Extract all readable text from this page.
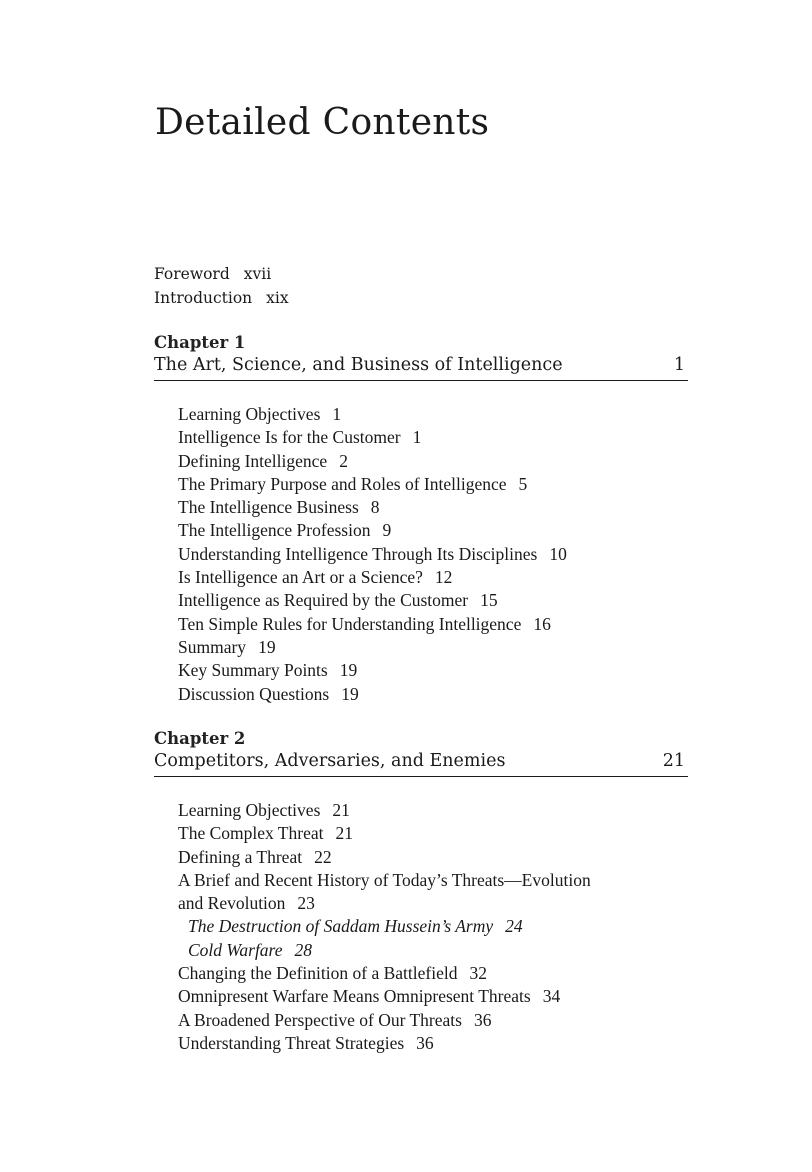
Detailed Contents
Foreword xvii
Introduction xix
Chapter 1
The Art, Science, and Business of Intelligence	1
Learning Objectives 1
Intelligence Is for the Customer 1
Defining Intelligence 2
The Primary Purpose and Roles of Intelligence 5
The Intelligence Business 8
The Intelligence Profession 9
Understanding Intelligence Through Its Disciplines 10
Is Intelligence an Art or a Science? 12
Intelligence as Required by the Customer 15
Ten Simple Rules for Understanding Intelligence 16
Summary 19
Key Summary Points 19
Discussion Questions 19
Chapter 2
Competitors, Adversaries, and Enemies	21
Learning Objectives 21
The Complex Threat 21
Defining a Threat 22
A Brief and Recent History of Today’s Threats—Evolution
and Revolution 23
The Destruction of Saddam Hussein’s Army 24
Cold Warfare 28
Changing the Definition of a Battlefield 32
Omnipresent Warfare Means Omnipresent Threats 34
A Broadened Perspective of Our Threats 36
Understanding Threat Strategies 36
